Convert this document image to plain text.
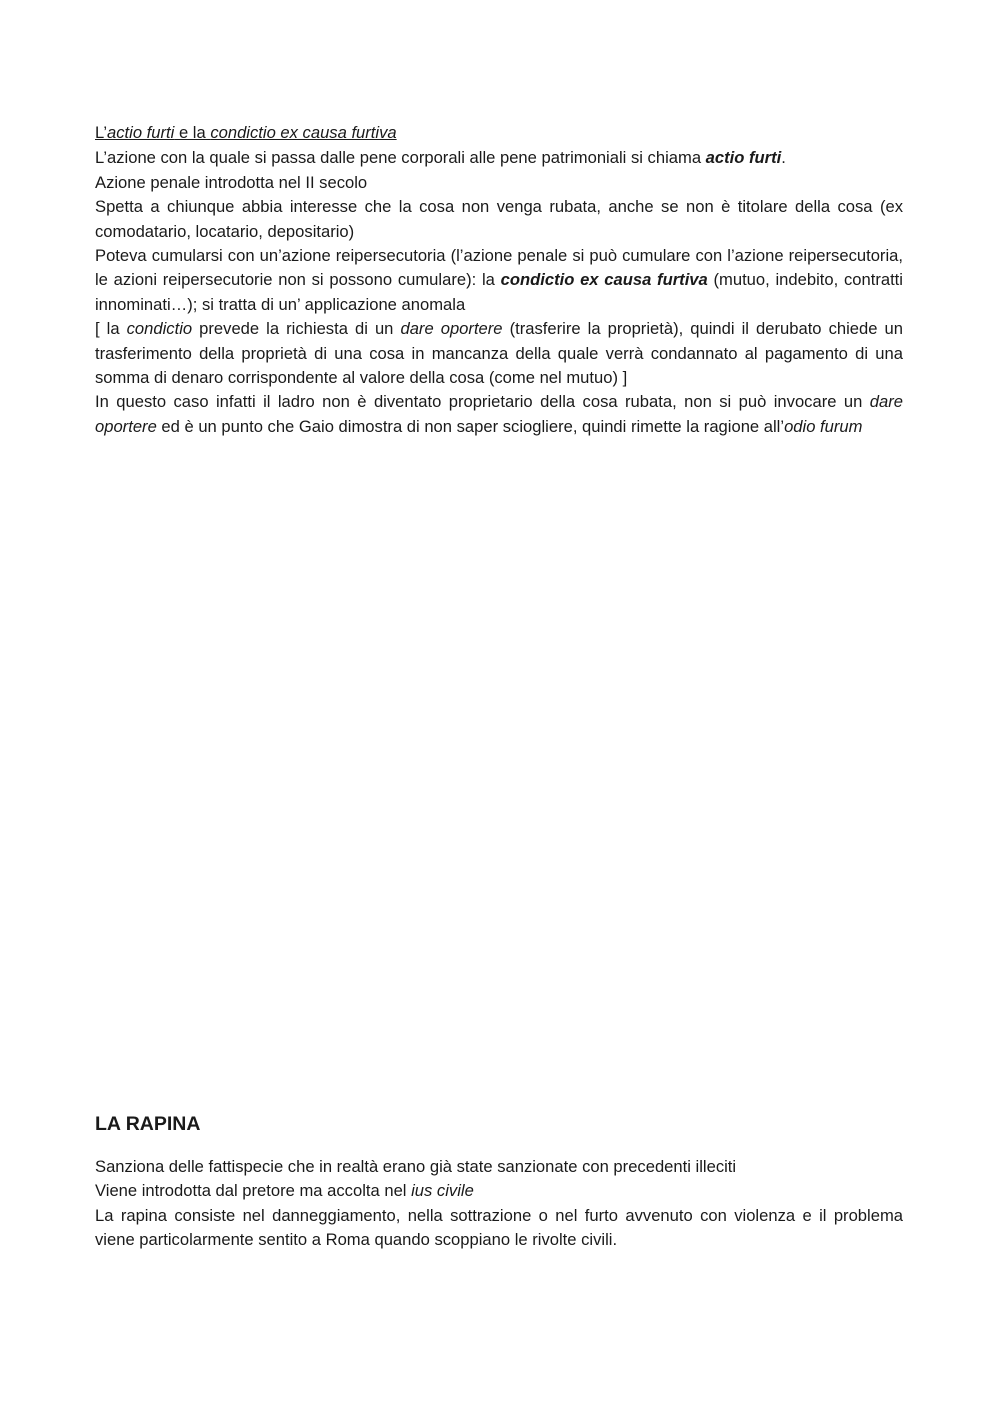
L’actio furti e la condictio ex causa furtiva

L’azione con la quale si passa dalle pene corporali alle pene patrimoniali si chiama actio furti.

Azione penale introdotta nel II secolo

Spetta a chiunque abbia interesse che la cosa non venga rubata, anche se non è titolare della cosa (ex comodatario, locatario, depositario)

Poteva cumularsi con un’azione reipersecutoria (l’azione penale si può cumulare con l’azione reipersecutoria, le azioni reipersecutorie non si possono cumulare): la condictio ex causa furtiva (mutuo, indebito, contratti innominati…); si tratta di un’ applicazione anomala

[ la condictio prevede la richiesta di un dare oportere (trasferire la proprietà), quindi il derubato chiede un trasferimento della proprietà di una cosa in mancanza della quale verrà condannato al pagamento di una somma di denaro corrispondente al valore della cosa (come nel mutuo) ]

In questo caso infatti il ladro non è diventato proprietario della cosa rubata, non si può invocare un dare oportere ed è un punto che Gaio dimostra di non saper sciogliere, quindi rimette la ragione all’odio furum

LA RAPINA

Sanziona delle fattispecie che in realtà erano già state sanzionate con precedenti illeciti

Viene introdotta dal pretore ma accolta nel ius civile

La rapina consiste nel danneggiamento, nella sottrazione o nel furto avvenuto con violenza e il problema viene particolarmente sentito a Roma quando scoppiano le rivolte civili.
